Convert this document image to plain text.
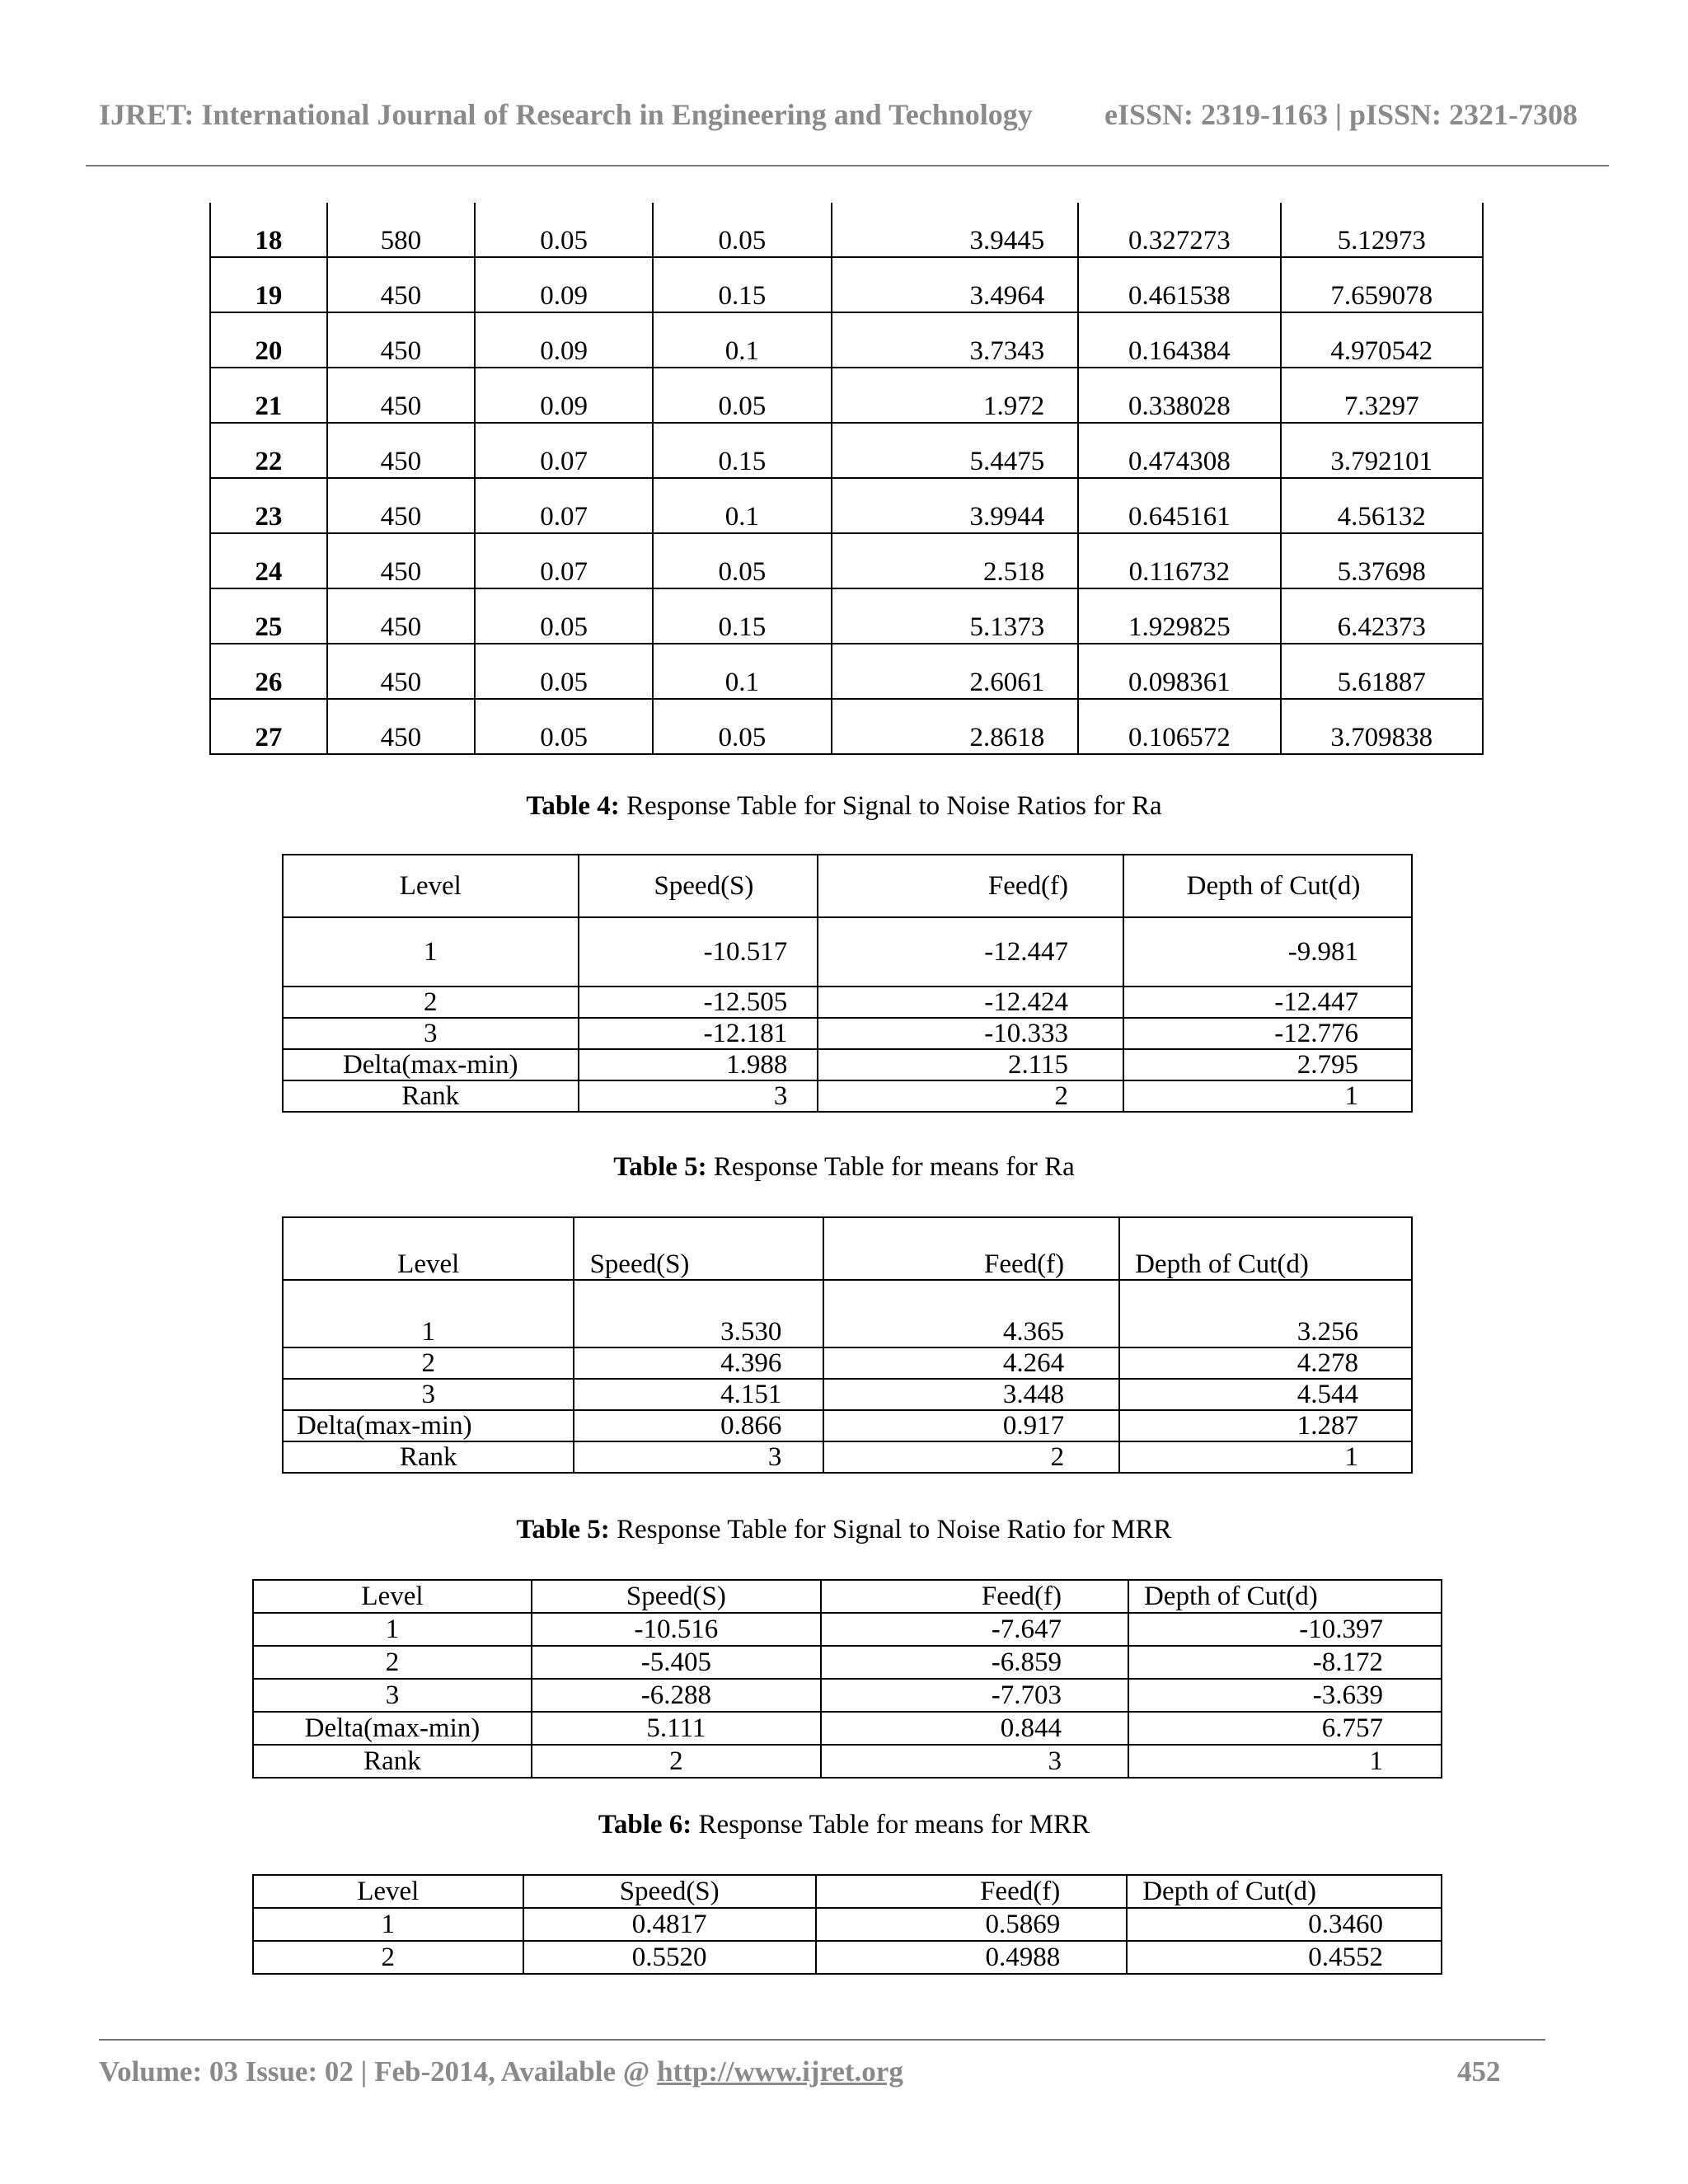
IJRET: International Journal of Research in Engineering and Technology eISSN: 2319-1163 | pISSN: 2321-7308
18	580	0.05	0.05	3.9445	0.327273	5.12973
19	450	0.09	0.15	3.4964	0.461538	7.659078
20	450	0.09	0.1	3.7343	0.164384	4.970542
21	450	0.09	0.05	1.972	0.338028	7.3297
22	450	0.07	0.15	5.4475	0.474308	3.792101
23	450	0.07	0.1	3.9944	0.645161	4.56132
24	450	0.07	0.05	2.518	0.116732	5.37698
25	450	0.05	0.15	5.1373	1.929825	6.42373
26	450	0.05	0.1	2.6061	0.098361	5.61887
27	450	0.05	0.05	2.8618	0.106572	3.709838
Table 4: Response Table for Signal to Noise Ratios for Ra
Level	Speed(S)	Feed(f)	Depth of Cut(d)
1	-10.517	-12.447	-9.981
2	-12.505	-12.424	-12.447
3	-12.181	-10.333	-12.776
Delta(max-min)	1.988	2.115	2.795
Rank	3	2	1
Table 5: Response Table for means for Ra
Level	Speed(S)	Feed(f)	Depth of Cut(d)
1	3.530	4.365	3.256
2	4.396	4.264	4.278
3	4.151	3.448	4.544
Delta(max-min)	0.866	0.917	1.287
Rank	3	2	1
Table 5: Response Table for Signal to Noise Ratio for MRR
Level	Speed(S)	Feed(f)	Depth of Cut(d)
1	-10.516	-7.647	-10.397
2	-5.405	-6.859	-8.172
3	-6.288	-7.703	-3.639
Delta(max-min)	5.111	0.844	6.757
Rank	2	3	1
Table 6: Response Table for means for MRR
Level	Speed(S)	Feed(f)	Depth of Cut(d)
1	0.4817	0.5869	0.3460
2	0.5520	0.4988	0.4552
Volume: 03 Issue: 02 | Feb-2014, Available @ http://www.ijret.org	452
